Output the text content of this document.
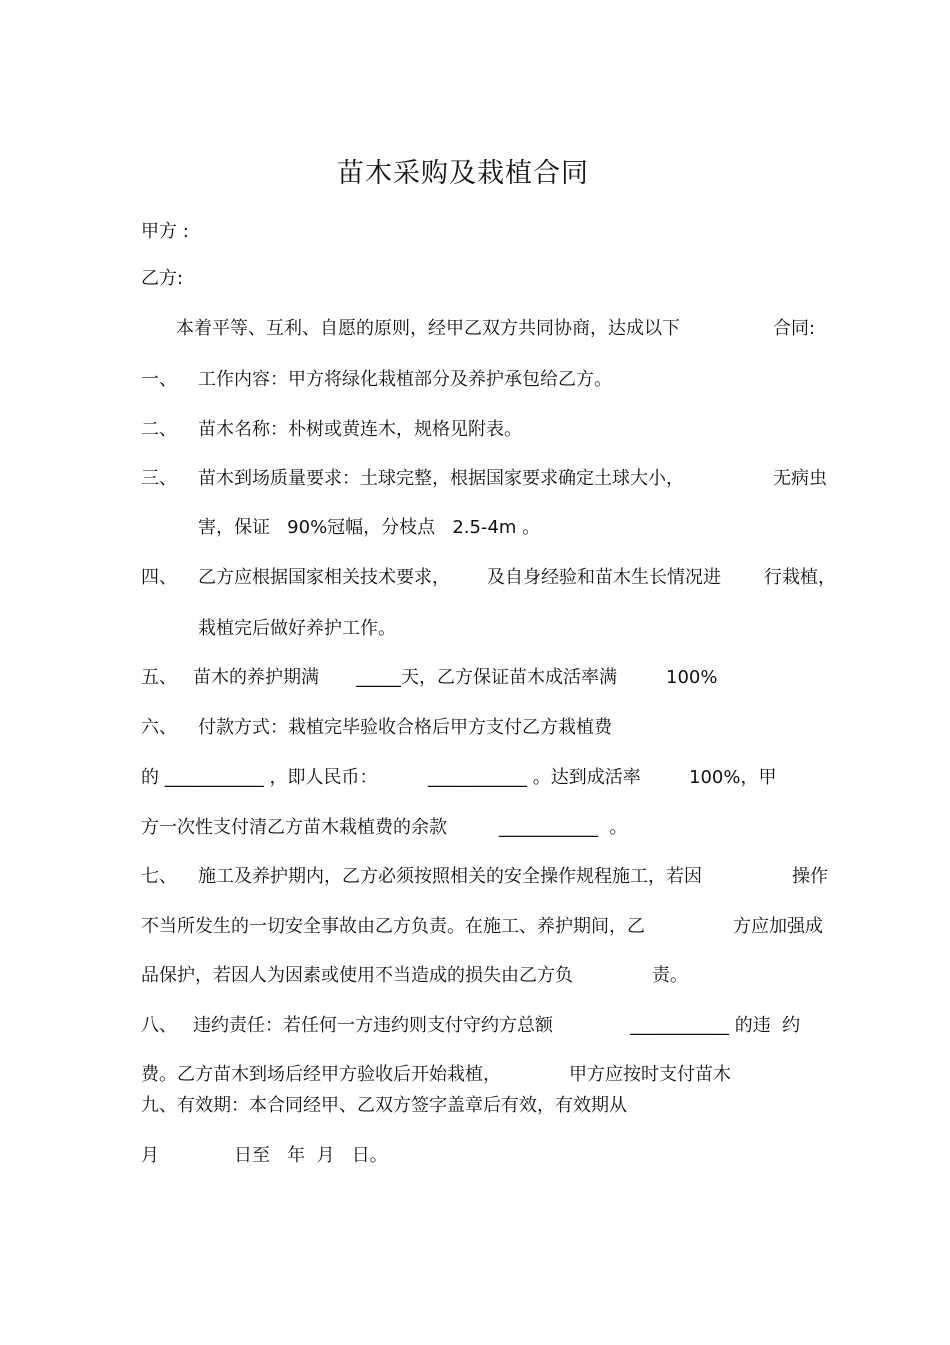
苗木采购及栽植合同
甲方 :
乙方:
本着平等、互利、自愿的原则，经甲乙双方共同协商，达成以下	合同:
一、 工作内容：甲方将绿化栽植部分及养护承包给乙方。
二、 苗木名称：朴树或黄连木，规格见附表。
三、 苗木到场质量要求：土球完整，根据国家要求确定土球大小，	无病虫
害，保证   90%冠幅，分枝点   2.5-4m 。
四、 乙方应根据国家相关技术要求， 及自身经验和苗木生长情况进 行栽植，
栽植完后做好养护工作。
五、 苗木的养护期满 _____天，乙方保证苗木成活率满	100%
六、 付款方式：栽植完毕验收合格后甲方支付乙方栽植费
的 ___________ ，即人民币：	___________ 。达到成活率	100%，甲
方一次性支付清乙方苗木栽植费的余款	___________  。
七、 施工及养护期内，乙方必须按照相关的安全操作规程施工，若因	操作
不当所发生的一切安全事故由乙方负责。在施工、养护期间，乙	方应加强成
品保护，若因人为因素或使用不当造成的损失由乙方负	责。
八、 违约责任：若任何一方违约则支付守约方总额	___________ 的违  约
费。乙方苗木到场后经甲方验收后开始栽植，	甲方应按时支付苗木
九、有效期：本合同经甲、乙双方签字盖章后有效，有效期从
月	日至   年  月   日。
